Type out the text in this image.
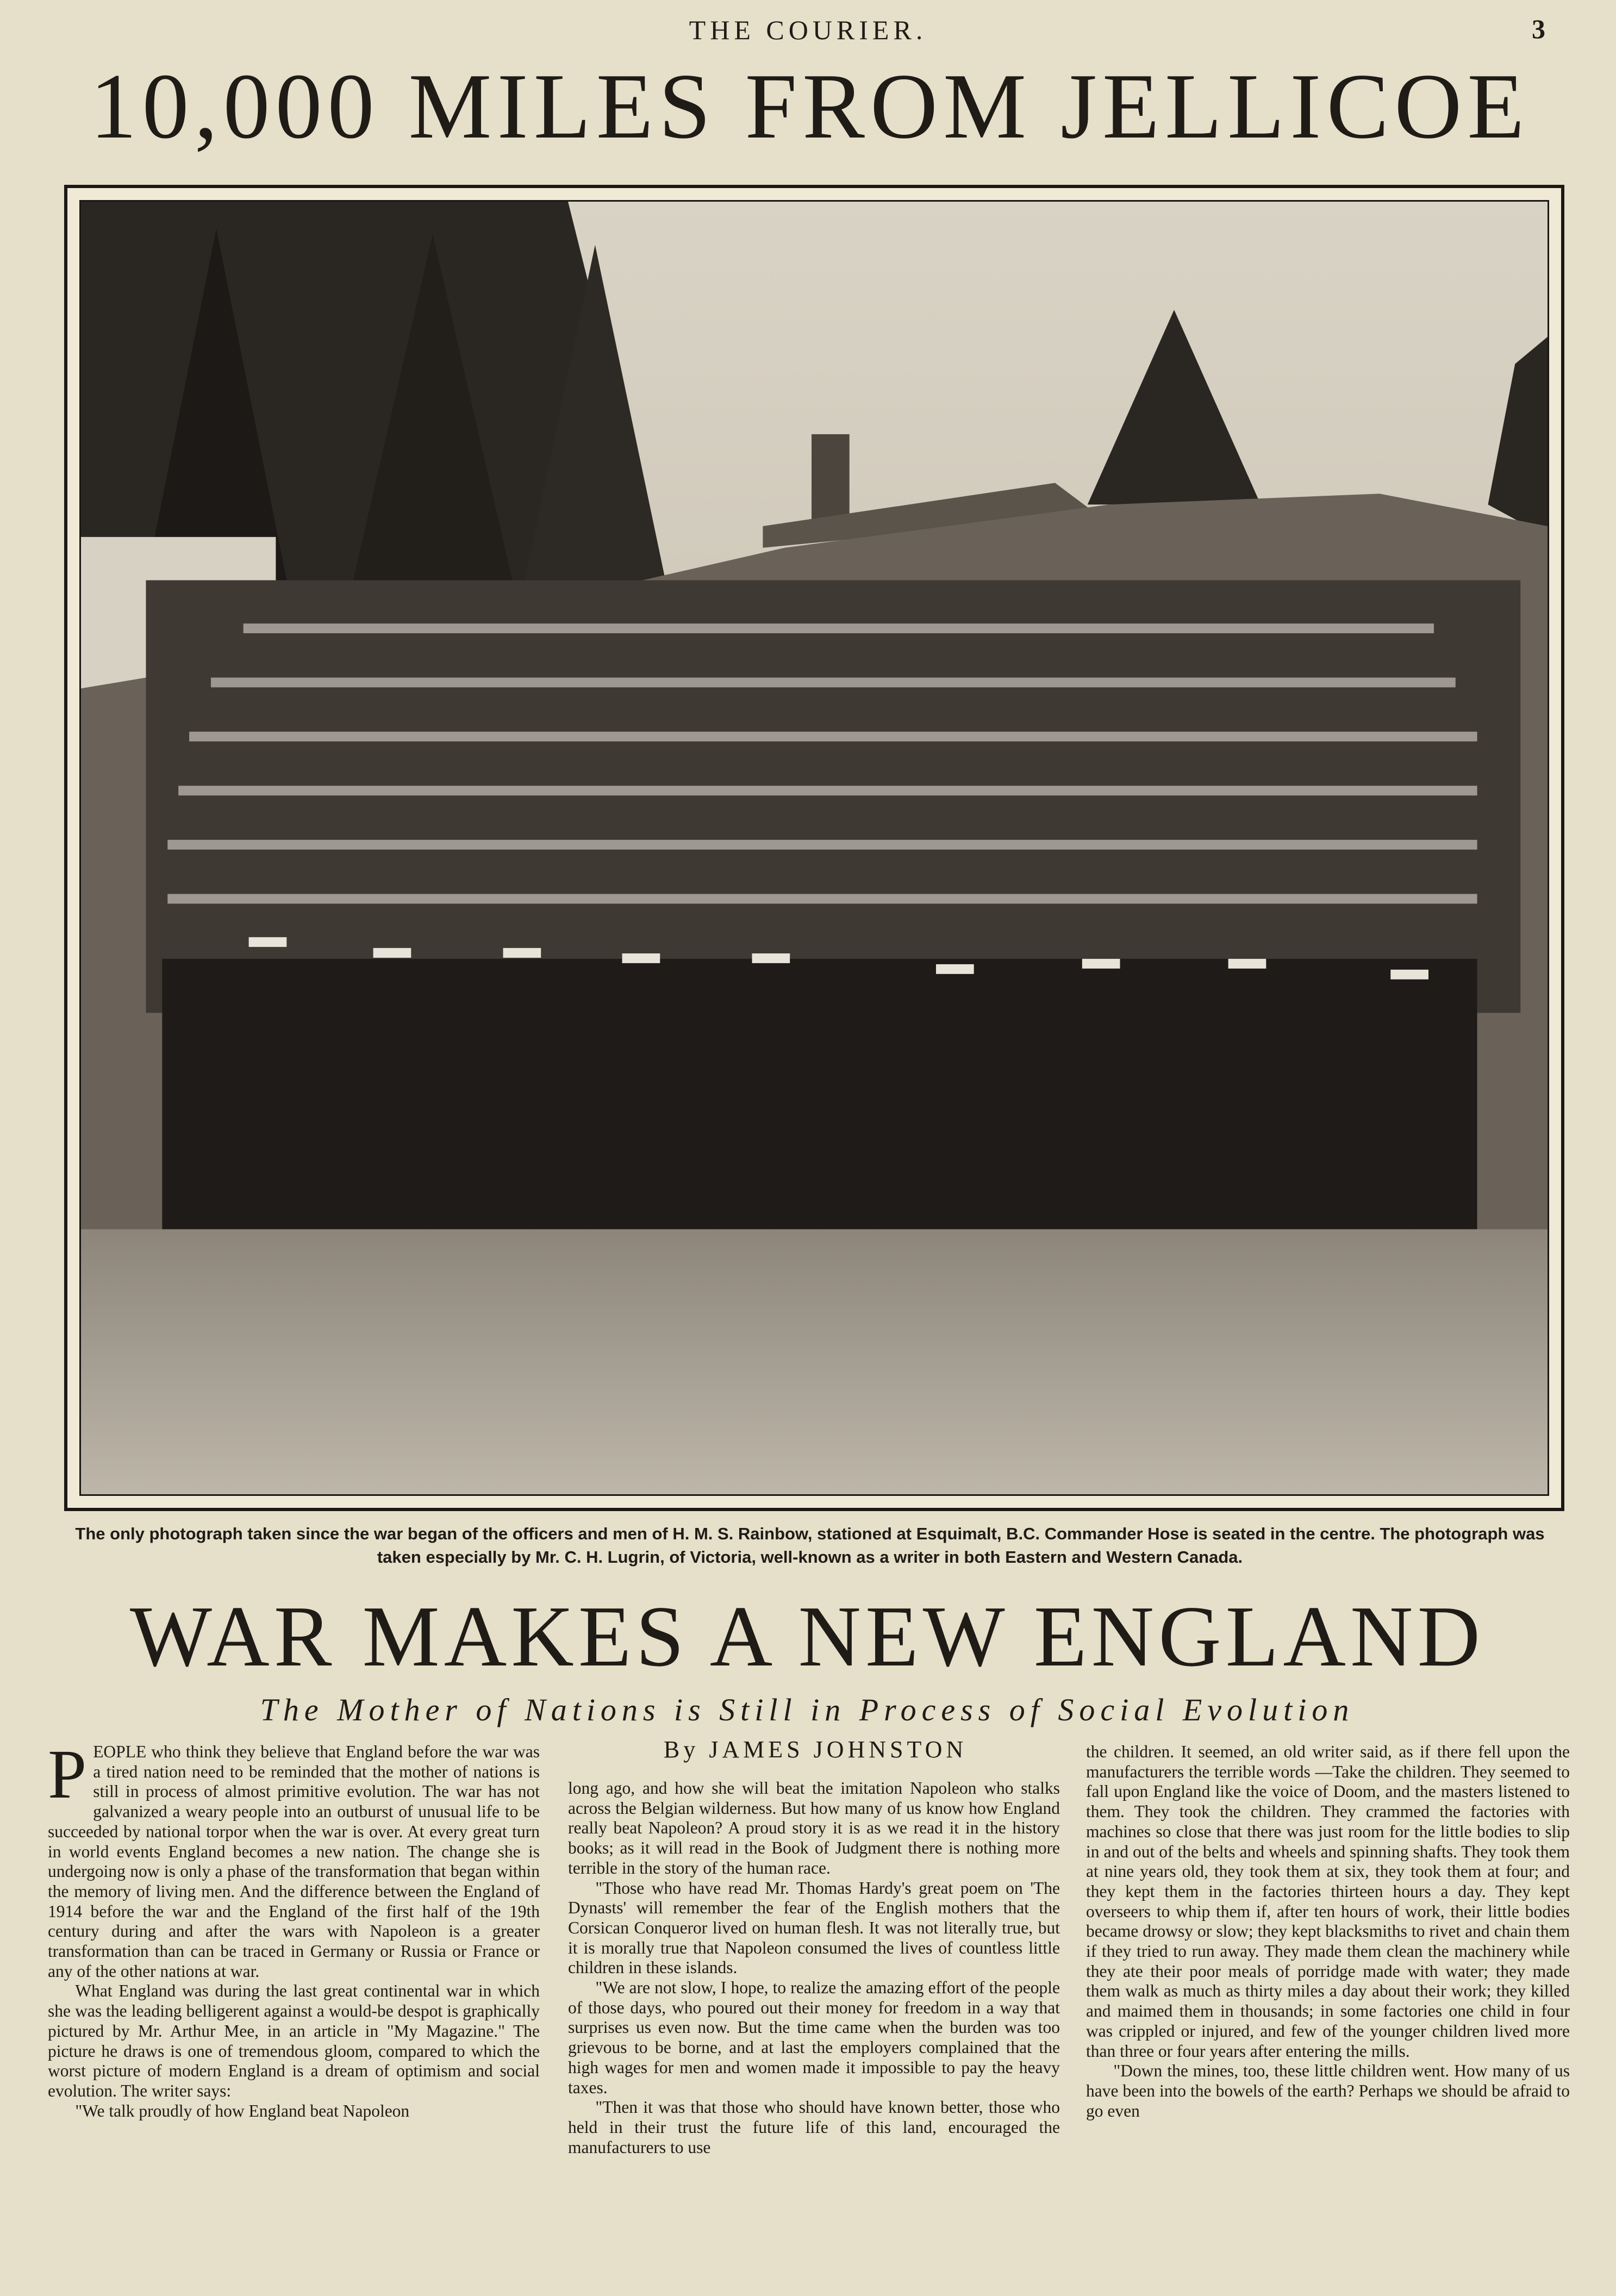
THE COURIER.	3
10,000 MILES FROM JELLICOE
The only photograph taken since the war began of the officers and men of H. M. S. Rainbow, stationed at Esquimalt, B.C. Commander Hose is seated in the centre. The photograph was taken especially by Mr. C. H. Lugrin, of Victoria, well-known as a writer in both Eastern and Western Canada.
WAR MAKES A NEW ENGLAND
The Mother of Nations is Still in Process of Social Evolution
By JAMES JOHNSTON

PEOPLE who think they believe that England before the war was a tired nation need to be reminded that the mother of nations is still in process of almost primitive evolution. The war has not galvanized a weary people into an outburst of unusual life to be succeeded by national torpor when the war is over. At every great turn in world events England becomes a new nation. The change she is undergoing now is only a phase of the transformation that began within the memory of living men. And the difference between the England of 1914 before the war and the England of the first half of the 19th century during and after the wars with Napoleon is a greater transformation than can be traced in Germany or Russia or France or any of the other nations at war.

What England was during the last great continental war in which she was the leading belligerent against a would-be despot is graphically pictured by Mr. Arthur Mee, in an article in "My Magazine." The picture he draws is one of tremendous gloom, compared to which the worst picture of modern England is a dream of optimism and social evolution. The writer says:

"We talk proudly of how England beat Napoleon

long ago, and how she will beat the imitation Napoleon who stalks across the Belgian wilderness. But how many of us know how England really beat Napoleon? A proud story it is as we read it in the history books; as it will read in the Book of Judgment there is nothing more terrible in the story of the human race.

"Those who have read Mr. Thomas Hardy's great poem on 'The Dynasts' will remember the fear of the English mothers that the Corsican Conqueror lived on human flesh. It was not literally true, but it is morally true that Napoleon consumed the lives of countless little children in these islands.

"We are not slow, I hope, to realize the amazing effort of the people of those days, who poured out their money for freedom in a way that surprises us even now. But the time came when the burden was too grievous to be borne, and at last the employers complained that the high wages for men and women made it impossible to pay the heavy taxes.

"Then it was that those who should have known better, those who held in their trust the future life of this land, encouraged the manufacturers to use

the children. It seemed, an old writer said, as if there fell upon the manufacturers the terrible words —Take the children. They seemed to fall upon England like the voice of Doom, and the masters listened to them. They took the children. They crammed the factories with machines so close that there was just room for the little bodies to slip in and out of the belts and wheels and spinning shafts. They took them at nine years old, they took them at six, they took them at four; and they kept them in the factories thirteen hours a day. They kept overseers to whip them if, after ten hours of work, their little bodies became drowsy or slow; they kept blacksmiths to rivet and chain them if they tried to run away. They made them clean the machinery while they ate their poor meals of porridge made with water; they made them walk as much as thirty miles a day about their work; they killed and maimed them in thousands; in some factories one child in four was crippled or injured, and few of the younger children lived more than three or four years after entering the mills.

"Down the mines, too, these little children went. How many of us have been into the bowels of the earth? Perhaps we should be afraid to go even
